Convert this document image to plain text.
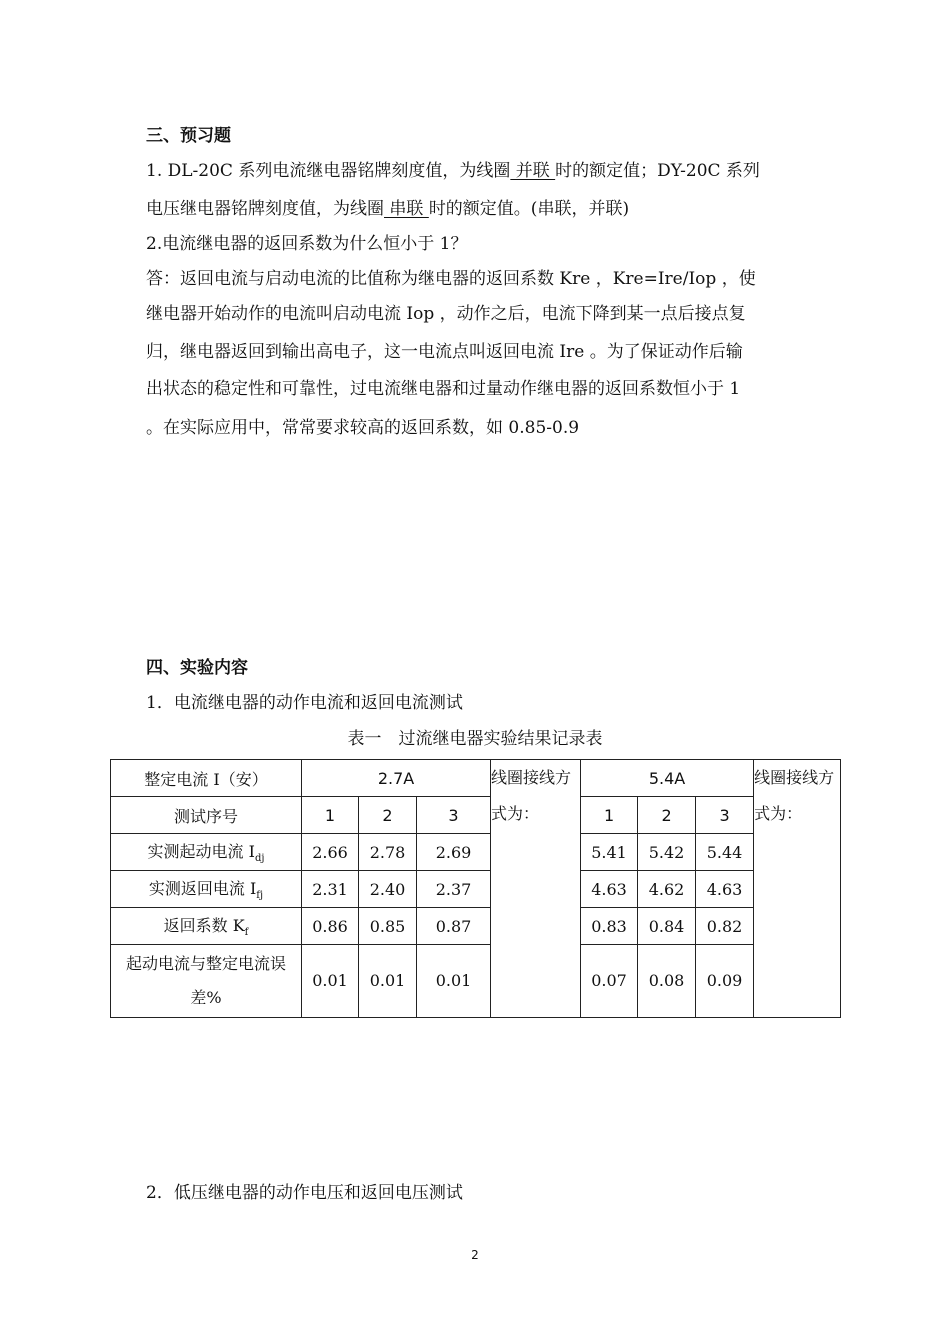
三、预习题
1. DL-20C 系列电流继电器铭牌刻度值，为线圈 并联 时的额定值；DY-20C 系列
电压继电器铭牌刻度值，为线圈 串联 时的额定值。(串联，并联)
2.电流继电器的返回系数为什么恒小于 1？
答：返回电流与启动电流的比值称为继电器的返回系数 Kre ，Kre=Ire/Iop ，使
继电器开始动作的电流叫启动电流 Iop ，动作之后，电流下降到某一点后接点复
归，继电器返回到输出高电子，这一电流点叫返回电流 Ire 。为了保证动作后输
出状态的稳定性和可靠性，过电流继电器和过量动作继电器的返回系数恒小于 1
。在实际应用中，常常要求较高的返回系数，如 0.85-0.9
四、实验内容
1．电流继电器的动作电流和返回电流测试
表一　过流继电器实验结果记录表
整定电流 I（安）	2.7A			线圈接线方式为：	5.4A			线圈接线方式为：
测试序号	1	2	3		1	2	3	
实测起动电流 $I_{dj}$	2.66	2.78	2.69		5.41	5.42	5.44	
实测返回电流 $I_{fj}$	2.31	2.40	2.37		4.63	4.62	4.63	
返回系数 $K_f$	0.86	0.85	0.87		0.83	0.84	0.82	
起动电流与整定电流误差%	0.01	0.01	0.01		0.07	0.08	0.09	
2．低压继电器的动作电压和返回电压测试
2
